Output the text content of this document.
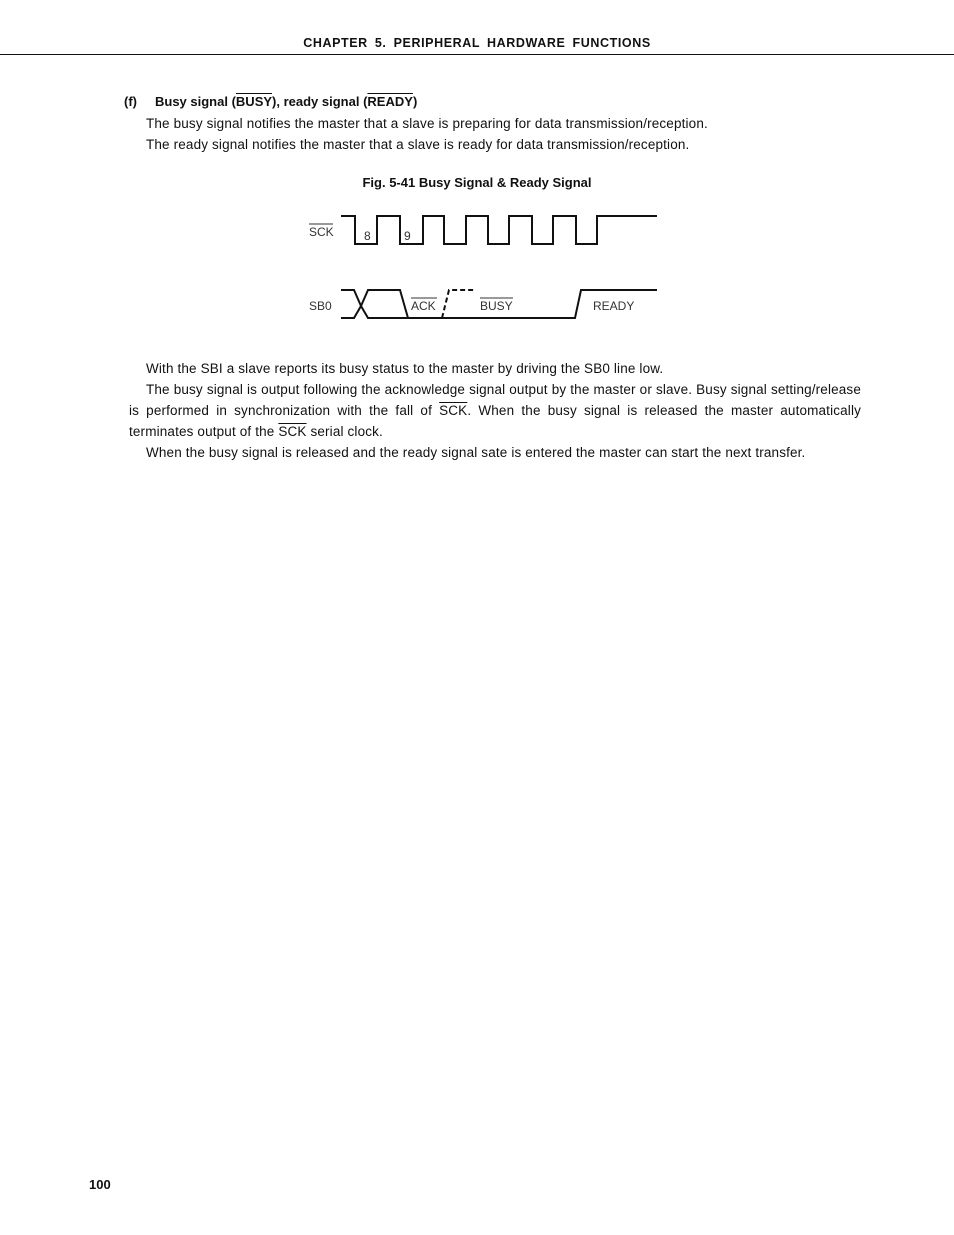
CHAPTER 5. PERIPHERAL HARDWARE FUNCTIONS
(f) Busy signal (BUSY), ready signal (READY)
The busy signal notifies the master that a slave is preparing for data transmission/reception.
The ready signal notifies the master that a slave is ready for data transmission/reception.
Fig. 5-41 Busy Signal & Ready Signal
SCK	8	9
SB0	ACK	BUSY	READY
With the SBI a slave reports its busy status to the master by driving the SB0 line low.
The busy signal is output following the acknowledge signal output by the master or slave. Busy signal setting/release is performed in synchronization with the fall of $\overline{SCK}$. When the busy signal is released the master automatically terminates output of the $\overline{SCK}$ serial clock.
When the busy signal is released and the ready signal sate is entered the master can start the next transfer.
100
